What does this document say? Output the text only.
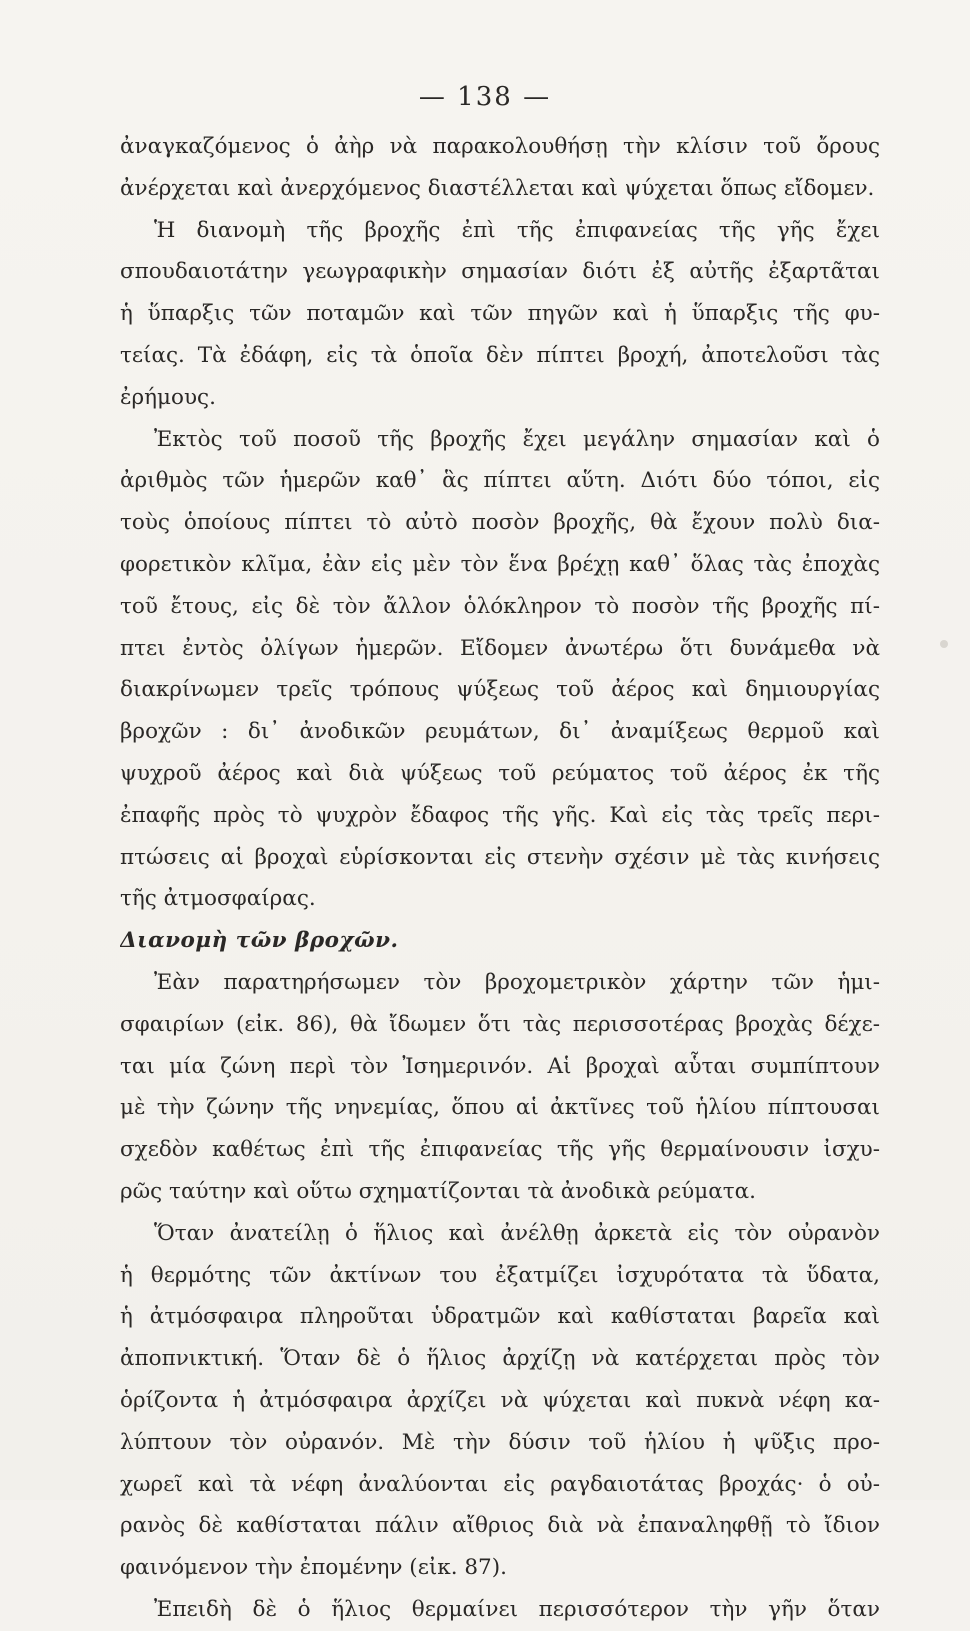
— 138 —
ἀναγκαζόμενος ὁ ἀὴρ νὰ παρακολουθήσῃ τὴν κλίσιν τοῦ ὄρους
ἀνέρχεται καὶ ἀνερχόμενος διαστέλλεται καὶ ψύχεται ὅπως εἴδομεν.
Ἡ διανομὴ τῆς βροχῆς ἐπὶ τῆς ἐπιφανείας τῆς γῆς ἔχει
σπουδαιοτάτην γεωγραφικὴν σημασίαν διότι ἐξ αὐτῆς ἐξαρτᾶται
ἡ ὕπαρξις τῶν ποταμῶν καὶ τῶν πηγῶν καὶ ἡ ὕπαρξις τῆς φυ-
τείας. Τὰ ἐδάφη, εἰς τὰ ὁποῖα δὲν πίπτει βροχή, ἀποτελοῦσι τὰς
ἐρήμους.
Ἐκτὸς τοῦ ποσοῦ τῆς βροχῆς ἔχει μεγάλην σημασίαν καὶ ὁ
ἀριθμὸς τῶν ἡμερῶν καθ᾽ ἃς πίπτει αὕτη. Διότι δύο τόποι, εἰς
τοὺς ὁποίους πίπτει τὸ αὐτὸ ποσὸν βροχῆς, θὰ ἔχουν πολὺ δια-
φορετικὸν κλῖμα, ἐὰν εἰς μὲν τὸν ἕνα βρέχῃ καθ᾽ ὅλας τὰς ἐποχὰς
τοῦ ἔτους, εἰς δὲ τὸν ἄλλον ὁλόκληρον τὸ ποσὸν τῆς βροχῆς πί-
πτει ἐντὸς ὀλίγων ἡμερῶν. Εἴδομεν ἀνωτέρω ὅτι δυνάμεθα νὰ
διακρίνωμεν τρεῖς τρόπους ψύξεως τοῦ ἀέρος καὶ δημιουργίας
βροχῶν : δι᾽ ἀνοδικῶν ρευμάτων, δι᾽ ἀναμίξεως θερμοῦ καὶ
ψυχροῦ ἀέρος καὶ διὰ ψύξεως τοῦ ρεύματος τοῦ ἀέρος ἐκ τῆς
ἐπαφῆς πρὸς τὸ ψυχρὸν ἔδαφος τῆς γῆς. Καὶ εἰς τὰς τρεῖς περι-
πτώσεις αἱ βροχαὶ εὑρίσκονται εἰς στενὴν σχέσιν μὲ τὰς κινήσεις
τῆς ἀτμοσφαίρας.
Διανομὴ τῶν βροχῶν.
Ἐὰν παρατηρήσωμεν τὸν βροχομετρικὸν χάρτην τῶν ἡμι-
σφαιρίων (εἰκ. 86), θὰ ἴδωμεν ὅτι τὰς περισσοτέρας βροχὰς δέχε-
ται μία ζώνη περὶ τὸν Ἰσημερινόν. Αἱ βροχαὶ αὗται συμπίπτουν
μὲ τὴν ζώνην τῆς νηνεμίας, ὅπου αἱ ἀκτῖνες τοῦ ἡλίου πίπτουσαι
σχεδὸν καθέτως ἐπὶ τῆς ἐπιφανείας τῆς γῆς θερμαίνουσιν ἰσχυ-
ρῶς ταύτην καὶ οὕτω σχηματίζονται τὰ ἀνοδικὰ ρεύματα.
Ὅταν ἀνατείλῃ ὁ ἥλιος καὶ ἀνέλθῃ ἀρκετὰ εἰς τὸν οὐρανὸν
ἡ θερμότης τῶν ἀκτίνων του ἐξατμίζει ἰσχυρότατα τὰ ὕδατα,
ἡ ἀτμόσφαιρα πληροῦται ὑδρατμῶν καὶ καθίσταται βαρεῖα καὶ
ἀποπνικτική. Ὅταν δὲ ὁ ἥλιος ἀρχίζῃ νὰ κατέρχεται πρὸς τὸν
ὁρίζοντα ἡ ἀτμόσφαιρα ἀρχίζει νὰ ψύχεται καὶ πυκνὰ νέφη κα-
λύπτουν τὸν οὐρανόν. Μὲ τὴν δύσιν τοῦ ἡλίου ἡ ψῦξις προ-
χωρεῖ καὶ τὰ νέφη ἀναλύονται εἰς ραγδαιοτάτας βροχάς· ὁ οὐ-
ρανὸς δὲ καθίσταται πάλιν αἴθριος διὰ νὰ ἐπαναληφθῇ τὸ ἴδιον
φαινόμενον τὴν ἐπομένην (εἰκ. 87).
Ἐπειδὴ δὲ ὁ ἥλιος θερμαίνει περισσότερον τὴν γῆν ὅταν
